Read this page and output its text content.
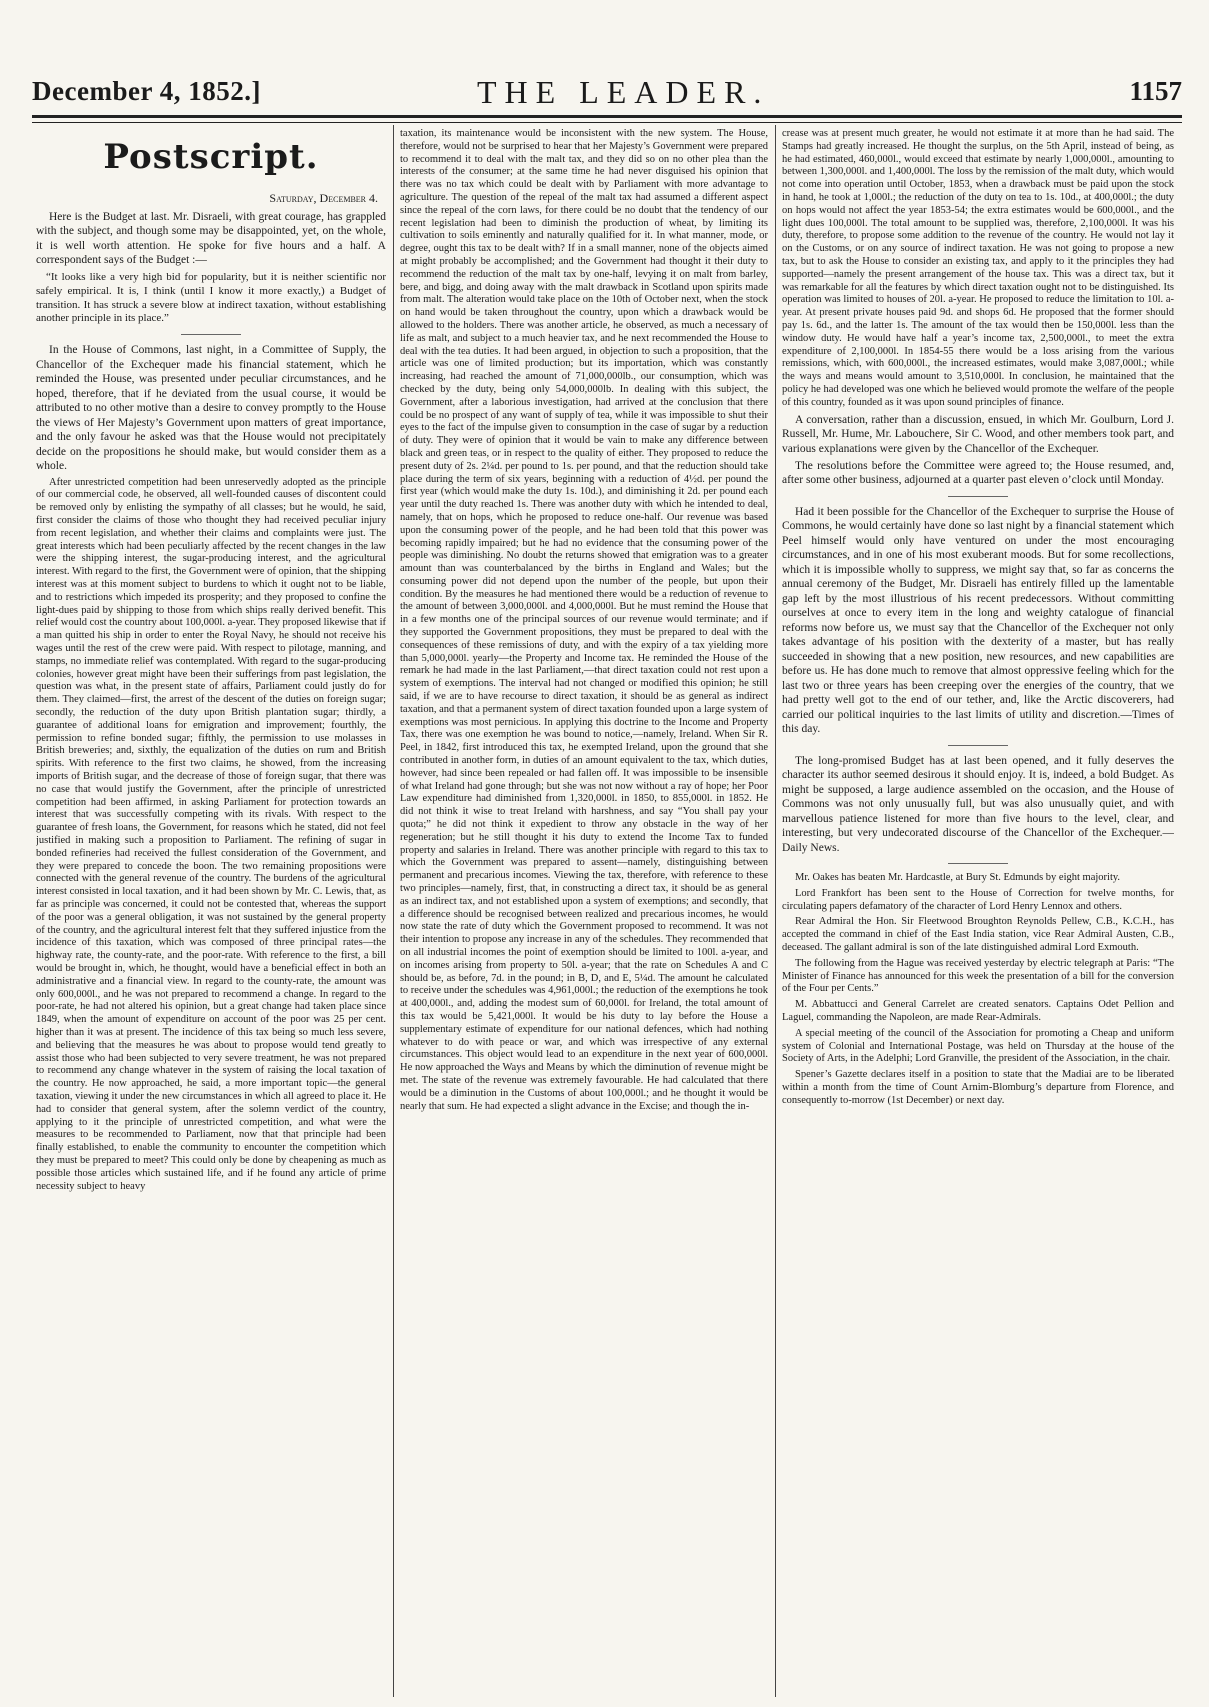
December 4, 1852.]	THE LEADER.	1157
Postscript.
Saturday, December 4.

Here is the Budget at last. Mr. Disraeli, with great courage, has grappled with the subject, and though some may be disappointed, yet, on the whole, it is well worth attention. He spoke for five hours and a half. A correspondent says of the Budget :—

“It looks like a very high bid for popularity, but it is neither scientific nor safely empirical. It is, I think (until I know it more exactly,) a Budget of transition. It has struck a severe blow at indirect taxation, without establishing another principle in its place.”

In the House of Commons, last night, in a Committee of Supply, the Chancellor of the Exchequer made his financial statement, which he reminded the House, was presented under peculiar circumstances, and he hoped, therefore, that if he deviated from the usual course, it would be attributed to no other motive than a desire to convey promptly to the House the views of Her Majesty’s Government upon matters of great importance, and the only favour he asked was that the House would not precipitately decide on the propositions he should make, but would consider them as a whole.

After unrestricted competition had been unreservedly adopted as the principle of our commercial code, he observed, all well-founded causes of discontent could be removed only by enlisting the sympathy of all classes; but he would, he said, first consider the claims of those who thought they had received peculiar injury from recent legislation, and whether their claims and complaints were just. The great interests which had been peculiarly affected by the recent changes in the law were the shipping interest, the sugar-producing interest, and the agricultural interest. With regard to the first, the Government were of opinion, that the shipping interest was at this moment subject to burdens to which it ought not to be liable, and to restrictions which impeded its prosperity; and they proposed to confine the light-dues paid by shipping to those from which ships really derived benefit. This relief would cost the country about 100,000l. a-year. They proposed likewise that if a man quitted his ship in order to enter the Royal Navy, he should not receive his wages until the rest of the crew were paid. With respect to pilotage, manning, and stamps, no immediate relief was contemplated. With regard to the sugar-producing colonies, however great might have been their sufferings from past legislation, the question was what, in the present state of affairs, Parliament could justly do for them. They claimed—first, the arrest of the descent of the duties on foreign sugar; secondly, the reduction of the duty upon British plantation sugar; thirdly, a guarantee of additional loans for emigration and improvement; fourthly, the permission to refine bonded sugar; fifthly, the permission to use molasses in British breweries; and, sixthly, the equalization of the duties on rum and British spirits. With reference to the first two claims, he showed, from the increasing imports of British sugar, and the decrease of those of foreign sugar, that there was no case that would justify the Government, after the principle of unrestricted competition had been affirmed, in asking Parliament for protection towards an interest that was successfully competing with its rivals. With respect to the guarantee of fresh loans, the Government, for reasons which he stated, did not feel justified in making such a proposition to Parliament. The refining of sugar in bonded refineries had received the fullest consideration of the Government, and they were prepared to concede the boon. The two remaining propositions were connected with the general revenue of the country. The burdens of the agricultural interest consisted in local taxation, and it had been shown by Mr. C. Lewis, that, as far as principle was concerned, it could not be contested that, whereas the support of the poor was a general obligation, it was not sustained by the general property of the country, and the agricultural interest felt that they suffered injustice from the incidence of this taxation, which was composed of three principal rates—the highway rate, the county-rate, and the poor-rate. With reference to the first, a bill would be brought in, which, he thought, would have a beneficial effect in both an administrative and a financial view. In regard to the county-rate, the amount was only 600,000l., and he was not prepared to recommend a change. In regard to the poor-rate, he had not altered his opinion, but a great change had taken place since 1849, when the amount of expenditure on account of the poor was 25 per cent. higher than it was at present. The incidence of this tax being so much less severe, and believing that the measures he was about to propose would tend greatly to assist those who had been subjected to very severe treatment, he was not prepared to recommend any change whatever in the system of raising the local taxation of the country. He now approached, he said, a more important topic—the general taxation, viewing it under the new circumstances in which all agreed to place it. He had to consider that general system, after the solemn verdict of the country, applying to it the principle of unrestricted competition, and what were the measures to be recommended to Parliament, now that that principle had been finally established, to enable the community to encounter the competition which they must be prepared to meet? This could only be done by cheapening as much as possible those articles which sustained life, and if he found any article of prime necessity subject to heavy

taxation, its maintenance would be inconsistent with the new system. The House, therefore, would not be surprised to hear that her Majesty’s Government were prepared to recommend it to deal with the malt tax, and they did so on no other plea than the interests of the consumer; at the same time he had never disguised his opinion that there was no tax which could be dealt with by Parliament with more advantage to agriculture. The question of the repeal of the malt tax had assumed a different aspect since the repeal of the corn laws, for there could be no doubt that the tendency of our recent legislation had been to diminish the production of wheat, by limiting its cultivation to soils eminently and naturally qualified for it. In what manner, mode, or degree, ought this tax to be dealt with? If in a small manner, none of the objects aimed at might probably be accomplished; and the Government had thought it their duty to recommend the reduction of the malt tax by one-half, levying it on malt from barley, bere, and bigg, and doing away with the malt drawback in Scotland upon spirits made from malt. The alteration would take place on the 10th of October next, when the stock on hand would be taken throughout the country, upon which a drawback would be allowed to the holders. There was another article, he observed, as much a necessary of life as malt, and subject to a much heavier tax, and he next recommended the House to deal with the tea duties. It had been argued, in objection to such a proposition, that the article was one of limited production; but its importation, which was constantly increasing, had reached the amount of 71,000,000lb., our consumption, which was checked by the duty, being only 54,000,000lb. In dealing with this subject, the Government, after a laborious investigation, had arrived at the conclusion that there could be no prospect of any want of supply of tea, while it was impossible to shut their eyes to the fact of the impulse given to consumption in the case of sugar by a reduction of duty. They were of opinion that it would be vain to make any difference between black and green teas, or in respect to the quality of either. They proposed to reduce the present duty of 2s. 2¼d. per pound to 1s. per pound, and that the reduction should take place during the term of six years, beginning with a reduction of 4½d. per pound the first year (which would make the duty 1s. 10d.), and diminishing it 2d. per pound each year until the duty reached 1s. There was another duty with which he intended to deal, namely, that on hops, which he proposed to reduce one-half. Our revenue was based upon the consuming power of the people, and he had been told that this power was becoming rapidly impaired; but he had no evidence that the consuming power of the people was diminishing. No doubt the returns showed that emigration was to a greater amount than was counterbalanced by the births in England and Wales; but the consuming power did not depend upon the number of the people, but upon their condition. By the measures he had mentioned there would be a reduction of revenue to the amount of between 3,000,000l. and 4,000,000l. But he must remind the House that in a few months one of the principal sources of our revenue would terminate; and if they supported the Government propositions, they must be prepared to deal with the consequences of these remissions of duty, and with the expiry of a tax yielding more than 5,000,000l. yearly—the Property and Income tax. He reminded the House of the remark he had made in the last Parliament,—that direct taxation could not rest upon a system of exemptions. The interval had not changed or modified this opinion; he still said, if we are to have recourse to direct taxation, it should be as general as indirect taxation, and that a permanent system of direct taxation founded upon a large system of exemptions was most pernicious. In applying this doctrine to the Income and Property Tax, there was one exemption he was bound to notice,—namely, Ireland. When Sir R. Peel, in 1842, first introduced this tax, he exempted Ireland, upon the ground that she contributed in another form, in duties of an amount equivalent to the tax, which duties, however, had since been repealed or had fallen off. It was impossible to be insensible of what Ireland had gone through; but she was not now without a ray of hope; her Poor Law expenditure had diminished from 1,320,000l. in 1850, to 855,000l. in 1852. He did not think it wise to treat Ireland with harshness, and say “You shall pay your quota;” he did not think it expedient to throw any obstacle in the way of her regeneration; but he still thought it his duty to extend the Income Tax to funded property and salaries in Ireland. There was another principle with regard to this tax to which the Government was prepared to assent—namely, distinguishing between permanent and precarious incomes. Viewing the tax, therefore, with reference to these two principles—namely, first, that, in constructing a direct tax, it should be as general as an indirect tax, and not established upon a system of exemptions; and secondly, that a difference should be recognised between realized and precarious incomes, he would now state the rate of duty which the Government proposed to recommend. It was not their intention to propose any increase in any of the schedules. They recommended that on all industrial incomes the point of exemption should be limited to 100l. a-year, and on incomes arising from property to 50l. a-year; that the rate on Schedules A and C should be, as before, 7d. in the pound; in B, D, and E, 5¼d. The amount he calculated to receive under the schedules was 4,961,000l.; the reduction of the exemptions he took at 400,000l., and, adding the modest sum of 60,000l. for Ireland, the total amount of this tax would be 5,421,000l. It would be his duty to lay before the House a supplementary estimate of expenditure for our national defences, which had nothing whatever to do with peace or war, and which was irrespective of any external circumstances. This object would lead to an expenditure in the next year of 600,000l. He now approached the Ways and Means by which the diminution of revenue might be met. The state of the revenue was extremely favourable. He had calculated that there would be a diminution in the Customs of about 100,000l.; and he thought it would be nearly that sum. He had expected a slight advance in the Excise; and though the in-

crease was at present much greater, he would not estimate it at more than he had said. The Stamps had greatly increased. He thought the surplus, on the 5th April, instead of being, as he had estimated, 460,000l., would exceed that estimate by nearly 1,000,000l., amounting to between 1,300,000l. and 1,400,000l. The loss by the remission of the malt duty, which would not come into operation until October, 1853, when a drawback must be paid upon the stock in hand, he took at 1,000l.; the reduction of the duty on tea to 1s. 10d., at 400,000l.; the duty on hops would not affect the year 1853-54; the extra estimates would be 600,000l., and the light dues 100,000l. The total amount to be supplied was, therefore, 2,100,000l. It was his duty, therefore, to propose some addition to the revenue of the country. He would not lay it on the Customs, or on any source of indirect taxation. He was not going to propose a new tax, but to ask the House to consider an existing tax, and apply to it the principles they had supported—namely the present arrangement of the house tax. This was a direct tax, but it was remarkable for all the features by which direct taxation ought not to be distinguished. Its operation was limited to houses of 20l. a-year. He proposed to reduce the limitation to 10l. a-year. At present private houses paid 9d. and shops 6d. He proposed that the former should pay 1s. 6d., and the latter 1s. The amount of the tax would then be 150,000l. less than the window duty. He would have half a year’s income tax, 2,500,000l., to meet the extra expenditure of 2,100,000l. In 1854-55 there would be a loss arising from the various remissions, which, with 600,000l., the increased estimates, would make 3,087,000l.; while the ways and means would amount to 3,510,000l. In conclusion, he maintained that the policy he had developed was one which he believed would promote the welfare of the people of this country, founded as it was upon sound principles of finance.

A conversation, rather than a discussion, ensued, in which Mr. Goulburn, Lord J. Russell, Mr. Hume, Mr. Labouchere, Sir C. Wood, and other members took part, and various explanations were given by the Chancellor of the Exchequer.

The resolutions before the Committee were agreed to; the House resumed, and, after some other business, adjourned at a quarter past eleven o’clock until Monday.

Had it been possible for the Chancellor of the Exchequer to surprise the House of Commons, he would certainly have done so last night by a financial statement which Peel himself would only have ventured on under the most encouraging circumstances, and in one of his most exuberant moods. But for some recollections, which it is impossible wholly to suppress, we might say that, so far as concerns the annual ceremony of the Budget, Mr. Disraeli has entirely filled up the lamentable gap left by the most illustrious of his recent predecessors. Without committing ourselves at once to every item in the long and weighty catalogue of financial reforms now before us, we must say that the Chancellor of the Exchequer not only takes advantage of his position with the dexterity of a master, but has really succeeded in showing that a new position, new resources, and new capabilities are before us. He has done much to remove that almost oppressive feeling which for the last two or three years has been creeping over the energies of the country, that we had pretty well got to the end of our tether, and, like the Arctic discoverers, had carried our political inquiries to the last limits of utility and discretion.—Times of this day.

The long-promised Budget has at last been opened, and it fully deserves the character its author seemed desirous it should enjoy. It is, indeed, a bold Budget. As might be supposed, a large audience assembled on the occasion, and the House of Commons was not only unusually full, but was also unusually quiet, and with marvellous patience listened for more than five hours to the level, clear, and interesting, but very undecorated discourse of the Chancellor of the Exchequer.—Daily News.

Mr. Oakes has beaten Mr. Hardcastle, at Bury St. Edmunds by eight majority.

Lord Frankfort has been sent to the House of Correction for twelve months, for circulating papers defamatory of the character of Lord Henry Lennox and others.

Rear Admiral the Hon. Sir Fleetwood Broughton Reynolds Pellew, C.B., K.C.H., has accepted the command in chief of the East India station, vice Rear Admiral Austen, C.B., deceased. The gallant admiral is son of the late distinguished admiral Lord Exmouth.

The following from the Hague was received yesterday by electric telegraph at Paris: “The Minister of Finance has announced for this week the presentation of a bill for the conversion of the Four per Cents.”

M. Abbattucci and General Carrelet are created senators. Captains Odet Pellion and Laguel, commanding the Napoleon, are made Rear-Admirals.

A special meeting of the council of the Association for promoting a Cheap and uniform system of Colonial and International Postage, was held on Thursday at the house of the Society of Arts, in the Adelphi; Lord Granville, the president of the Association, in the chair.

Spener’s Gazette declares itself in a position to state that the Madiai are to be liberated within a month from the time of Count Arnim-Blomburg’s departure from Florence, and consequently to-morrow (1st December) or next day.
